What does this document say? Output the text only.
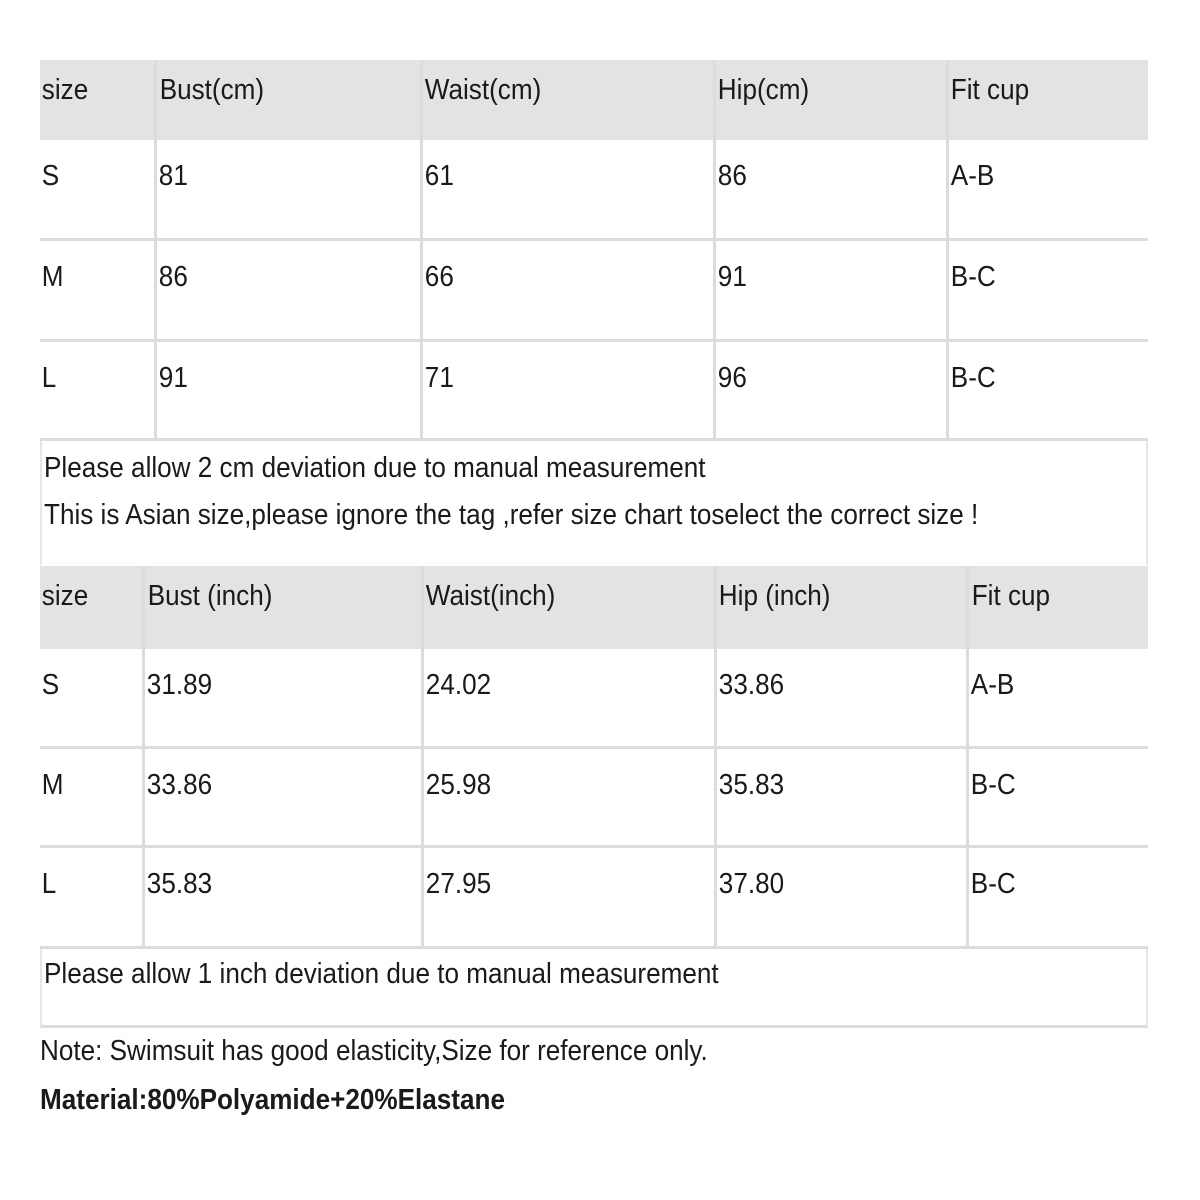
size	Bust(cm)	Waist(cm)	Hip(cm)	Fit cup
S	81	61	86	A-B
M	86	66	91	B-C
L	91	71	96	B-C
Please allow 2 cm deviation due to manual measurement
This is Asian size,please ignore the tag ,refer size chart toselect the correct size !
size	Bust (inch)	Waist(inch)	Hip (inch)	Fit cup
S	31.89	24.02	33.86	A-B
M	33.86	25.98	35.83	B-C
L	35.83	27.95	37.80	B-C
Please allow 1 inch deviation due to manual measurement
Note: Swimsuit has good elasticity,Size for reference only.
Material:80%Polyamide+20%Elastane
